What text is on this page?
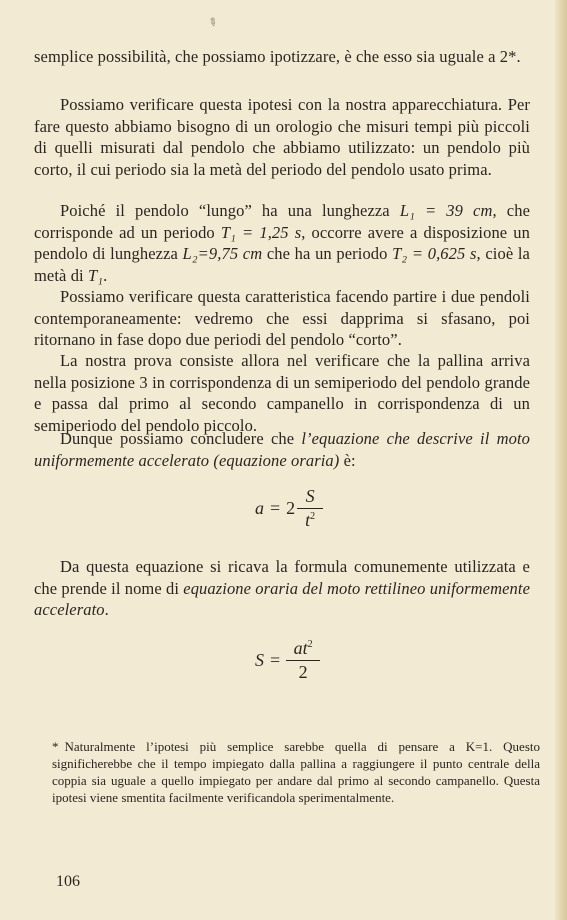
✎
semplice possibilità, che possiamo ipotizzare, è che esso sia uguale a 2*.
Possiamo verificare questa ipotesi con la nostra apparecchiatura. Per fare questo abbiamo bisogno di un orologio che misuri tempi più piccoli di quelli misurati dal pendolo che abbiamo utilizzato: un pendolo più corto, il cui periodo sia la metà del periodo del pendolo usato prima.
Poiché il pendolo “lungo” ha una lunghezza L₁ = 39 cm, che corrisponde ad un periodo T₁ = 1,25 s, occorre avere a disposizione un pendolo di lunghezza L₂=9,75 cm che ha un periodo T₂ = 0,625 s, cioè la metà di T₁.
Possiamo verificare questa caratteristica facendo partire i due pendoli contemporaneamente: vedremo che essi dapprima si sfasano, poi ritornano in fase dopo due periodi del pendolo “corto”.
La nostra prova consiste allora nel verificare che la pallina arriva nella posizione 3 in corrispondenza di un semiperiodo del pendolo grande e passa dal primo al secondo campanello in corrispondenza di un semiperiodo del pendolo piccolo.
Dunque possiamo concludere che l’equazione che descrive il moto uniformemente accelerato (equazione oraria) è:
a = 2
S
$t^2$
Da questa equazione si ricava la formula comunemente utilizzata e che prende il nome di equazione oraria del moto rettilineo uniformemente accelerato.
S =
$at^2$
2
* Naturalmente l’ipotesi più semplice sarebbe quella di pensare a K=1. Questo significherebbe che il tempo impiegato dalla pallina a raggiungere il punto centrale della coppia sia uguale a quello impiegato per andare dal primo al secondo campanello. Questa ipotesi viene smentita facilmente verificandola sperimentalmente.
106
